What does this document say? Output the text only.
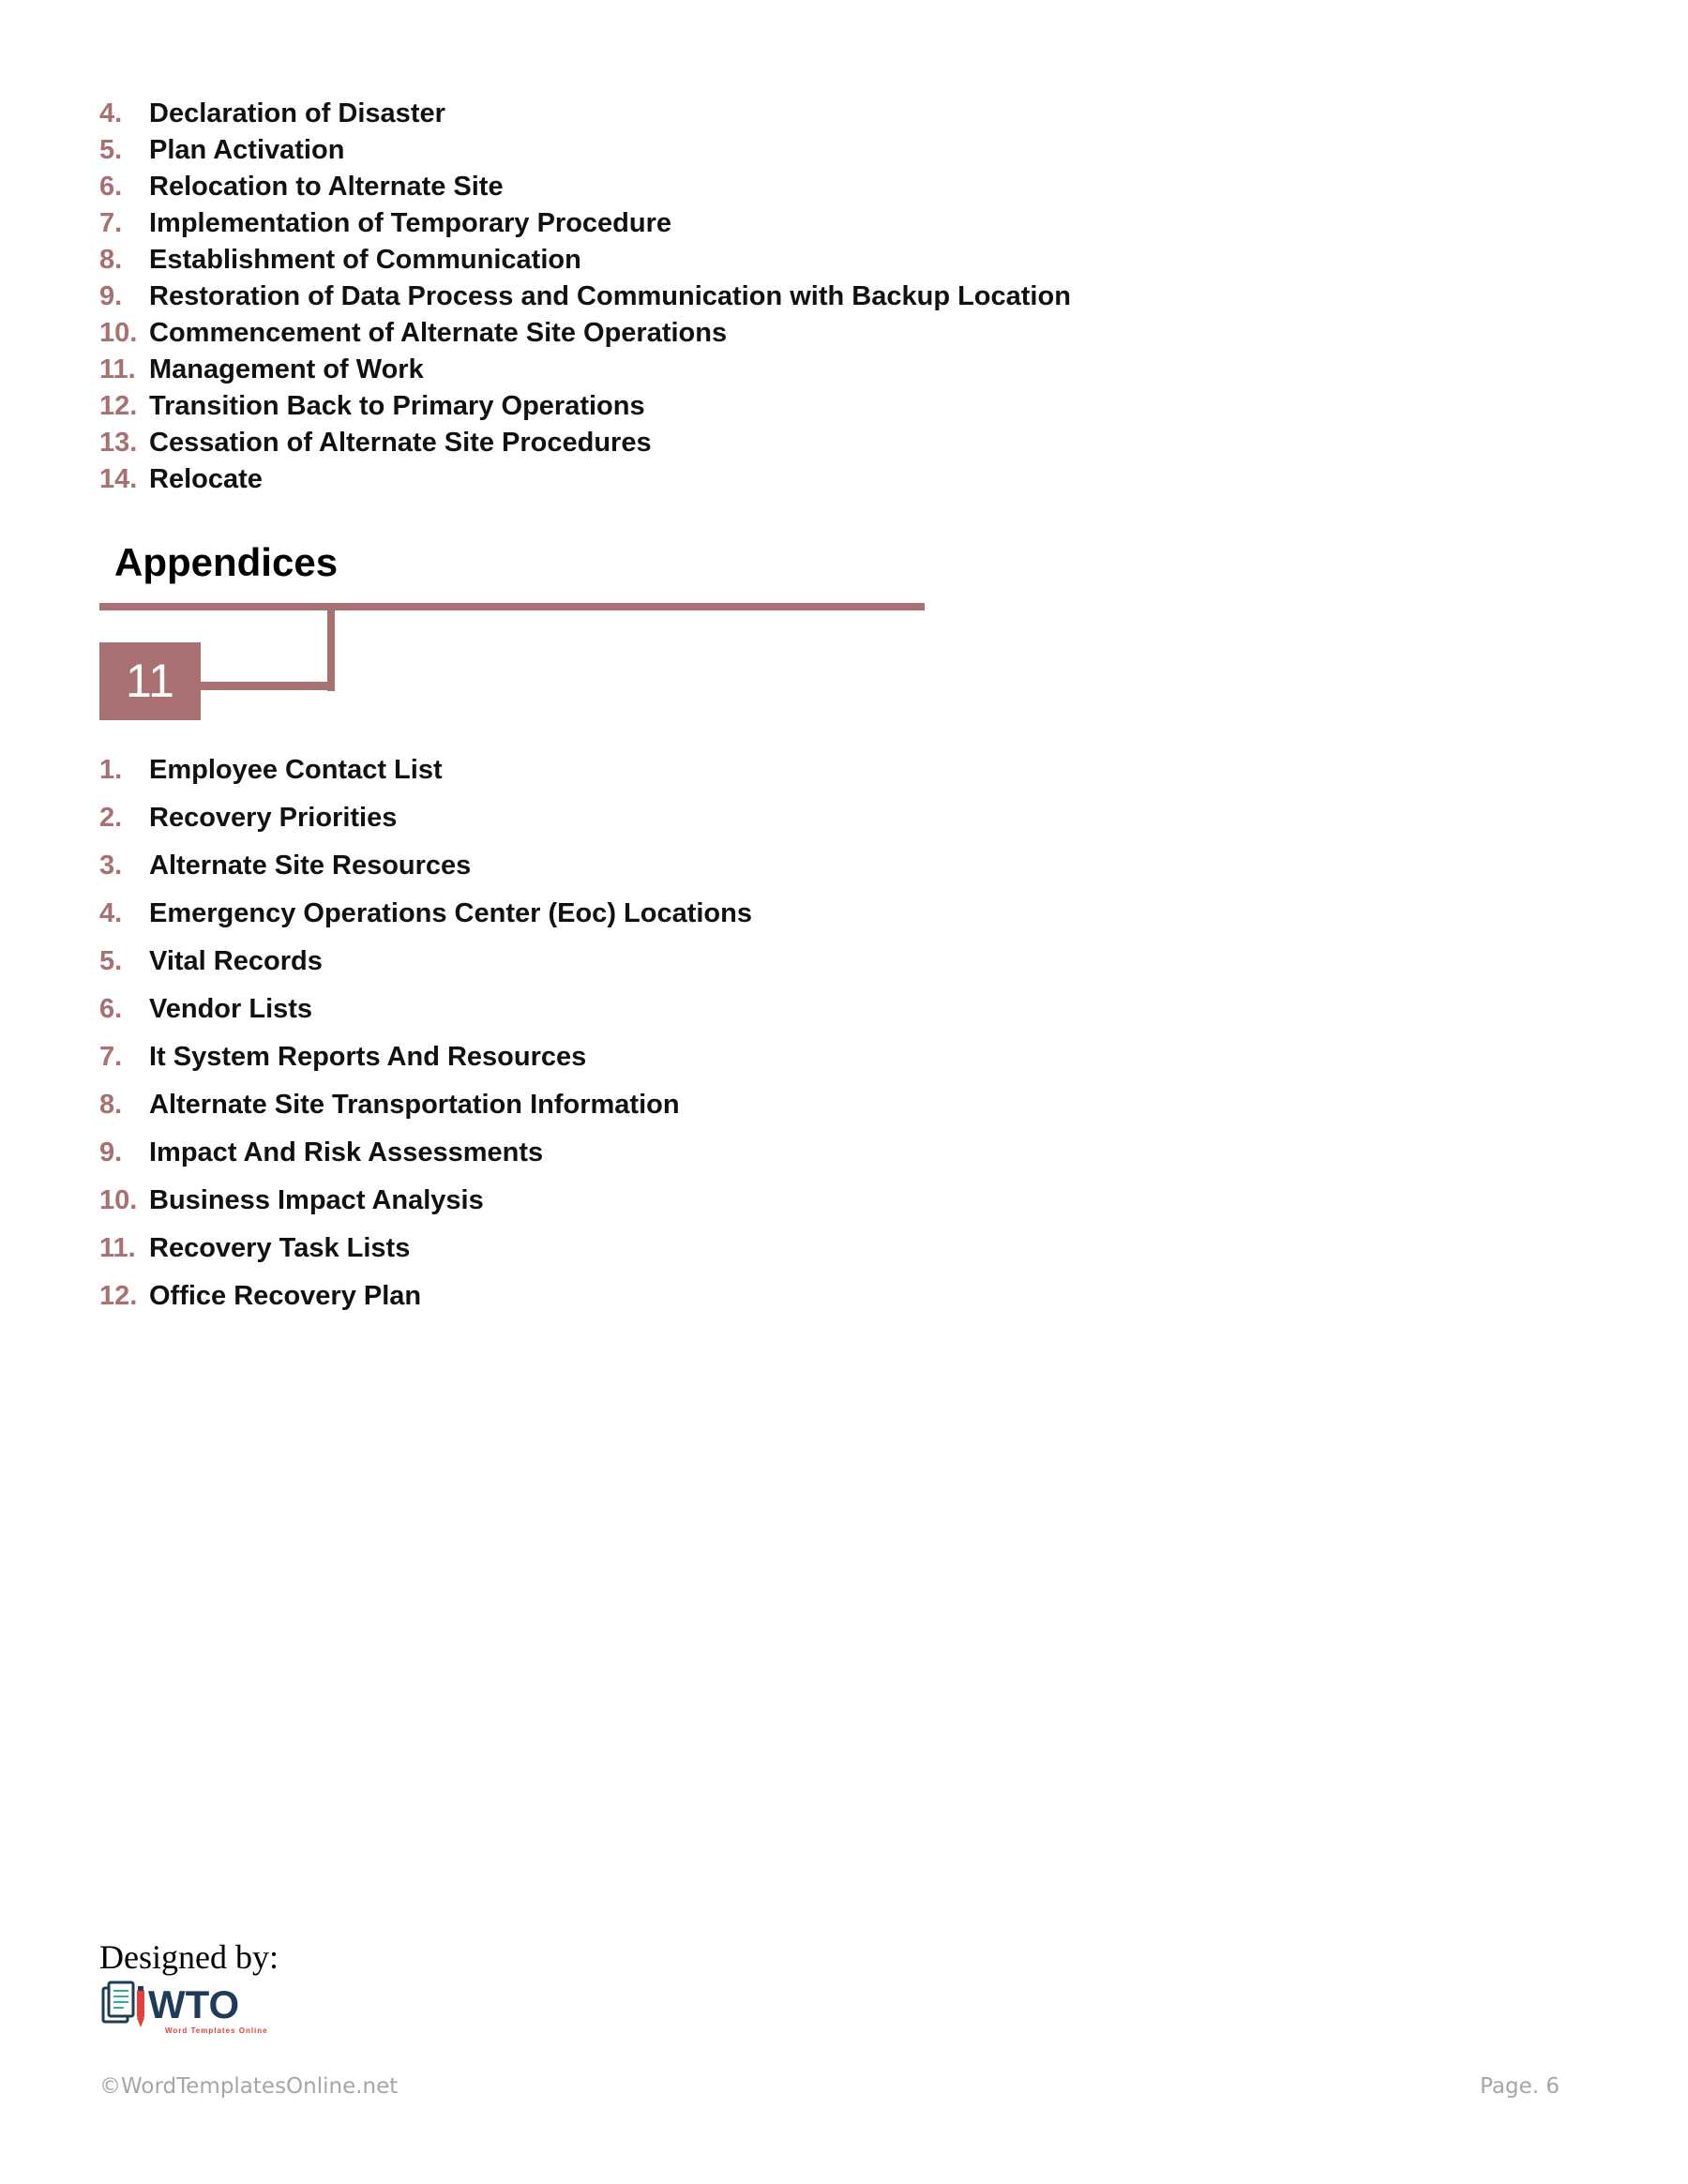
4. Declaration of Disaster
5. Plan Activation
6. Relocation to Alternate Site
7. Implementation of Temporary Procedure
8. Establishment of Communication
9. Restoration of Data Process and Communication with Backup Location
10. Commencement of Alternate Site Operations
11. Management of Work
12. Transition Back to Primary Operations
13. Cessation of Alternate Site Procedures
14. Relocate
Appendices
11
1. Employee Contact List
2. Recovery Priorities
3. Alternate Site Resources
4. Emergency Operations Center (Eoc) Locations
5. Vital Records
6. Vendor Lists
7. It System Reports And Resources
8. Alternate Site Transportation Information
9. Impact And Risk Assessments
10. Business Impact Analysis
11. Recovery Task Lists
12. Office Recovery Plan
Designed by:
WTO
Word Templates Online
©WordTemplatesOnline.net	Page. 6
